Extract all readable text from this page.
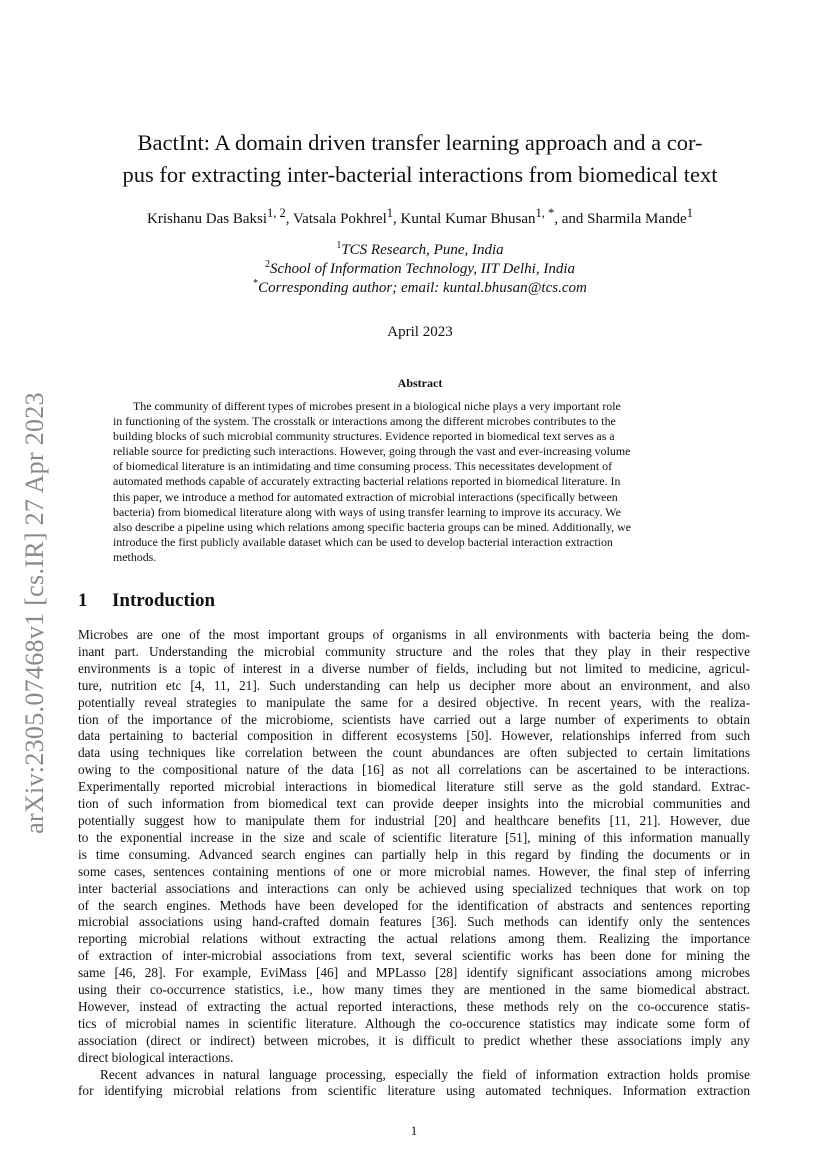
arXiv:2305.07468v1 [cs.IR] 27 Apr 2023
BactInt: A domain driven transfer learning approach and a cor-
pus for extracting inter-bacterial interactions from biomedical text
Krishanu Das Baksi$^{1, 2}$, Vatsala Pokhrel$^1$, Kuntal Kumar Bhusan$^{1, *}$, and Sharmila Mande$^1$
$^1$TCS Research, Pune, India
$^2$School of Information Technology, IIT Delhi, India
*Corresponding author; email: kuntal.bhusan@tcs.com
April 2023
Abstract
The community of different types of microbes present in a biological niche plays a very important role
in functioning of the system. The crosstalk or interactions among the different microbes contributes to the
building blocks of such microbial community structures. Evidence reported in biomedical text serves as a
reliable source for predicting such interactions. However, going through the vast and ever-increasing volume
of biomedical literature is an intimidating and time consuming process. This necessitates development of
automated methods capable of accurately extracting bacterial relations reported in biomedical literature. In
this paper, we introduce a method for automated extraction of microbial interactions (specifically between
bacteria) from biomedical literature along with ways of using transfer learning to improve its accuracy. We
also describe a pipeline using which relations among specific bacteria groups can be mined. Additionally, we
introduce the first publicly available dataset which can be used to develop bacterial interaction extraction
methods.
1 Introduction
Microbes are one of the most important groups of organisms in all environments with bacteria being the dom-
inant part. Understanding the microbial community structure and the roles that they play in their respective
environments is a topic of interest in a diverse number of fields, including but not limited to medicine, agricul-
ture, nutrition etc [4, 11, 21]. Such understanding can help us decipher more about an environment, and also
potentially reveal strategies to manipulate the same for a desired objective. In recent years, with the realiza-
tion of the importance of the microbiome, scientists have carried out a large number of experiments to obtain
data pertaining to bacterial composition in different ecosystems [50]. However, relationships inferred from such
data using techniques like correlation between the count abundances are often subjected to certain limitations
owing to the compositional nature of the data [16] as not all correlations can be ascertained to be interactions.
Experimentally reported microbial interactions in biomedical literature still serve as the gold standard. Extrac-
tion of such information from biomedical text can provide deeper insights into the microbial communities and
potentially suggest how to manipulate them for industrial [20] and healthcare benefits [11, 21]. However, due
to the exponential increase in the size and scale of scientific literature [51], mining of this information manually
is time consuming. Advanced search engines can partially help in this regard by finding the documents or in
some cases, sentences containing mentions of one or more microbial names. However, the final step of inferring
inter bacterial associations and interactions can only be achieved using specialized techniques that work on top
of the search engines. Methods have been developed for the identification of abstracts and sentences reporting
microbial associations using hand-crafted domain features [36]. Such methods can identify only the sentences
reporting microbial relations without extracting the actual relations among them. Realizing the importance
of extraction of inter-microbial associations from text, several scientific works has been done for mining the
same [46, 28]. For example, EviMass [46] and MPLasso [28] identify significant associations among microbes
using their co-occurrence statistics, i.e., how many times they are mentioned in the same biomedical abstract.
However, instead of extracting the actual reported interactions, these methods rely on the co-occurence statis-
tics of microbial names in scientific literature. Although the co-occurence statistics may indicate some form of
association (direct or indirect) between microbes, it is difficult to predict whether these associations imply any
direct biological interactions.
Recent advances in natural language processing, especially the field of information extraction holds promise
for identifying microbial relations from scientific literature using automated techniques. Information extraction
1
